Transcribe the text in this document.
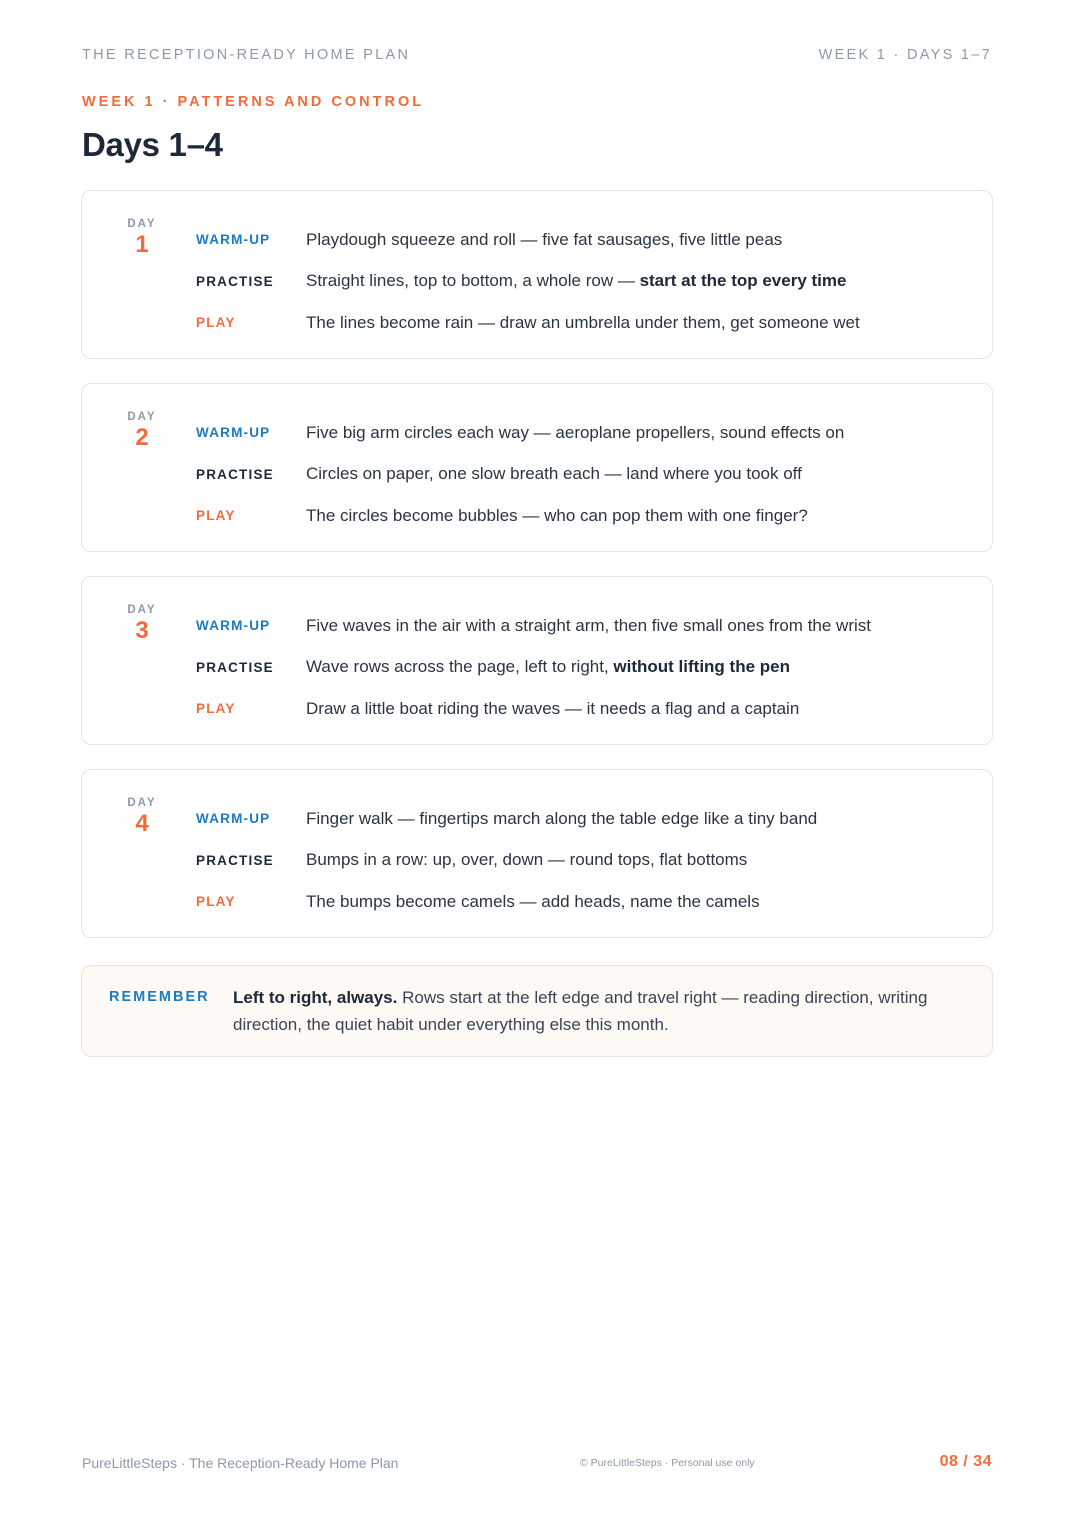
THE RECEPTION-READY HOME PLAN	WEEK 1 · DAYS 1–7
WEEK 1 · PATTERNS AND CONTROL
Days 1–4
DAY
1	WARM-UP	Playdough squeeze and roll — five fat sausages, five little peas
PRACTISE	Straight lines, top to bottom, a whole row — start at the top every time
PLAY	The lines become rain — draw an umbrella under them, get someone wet
DAY
2	WARM-UP	Five big arm circles each way — aeroplane propellers, sound effects on
PRACTISE	Circles on paper, one slow breath each — land where you took off
PLAY	The circles become bubbles — who can pop them with one finger?
DAY
3	WARM-UP	Five waves in the air with a straight arm, then five small ones from the wrist
PRACTISE	Wave rows across the page, left to right, without lifting the pen
PLAY	Draw a little boat riding the waves — it needs a flag and a captain
DAY
4	WARM-UP	Finger walk — fingertips march along the table edge like a tiny band
PRACTISE	Bumps in a row: up, over, down — round tops, flat bottoms
PLAY	The bumps become camels — add heads, name the camels
REMEMBER Left to right, always. Rows start at the left edge and travel right — reading direction, writing direction, the quiet habit under everything else this month.
PureLittleSteps · The Reception-Ready Home Plan	© PureLittleSteps · Personal use only	08 / 34
